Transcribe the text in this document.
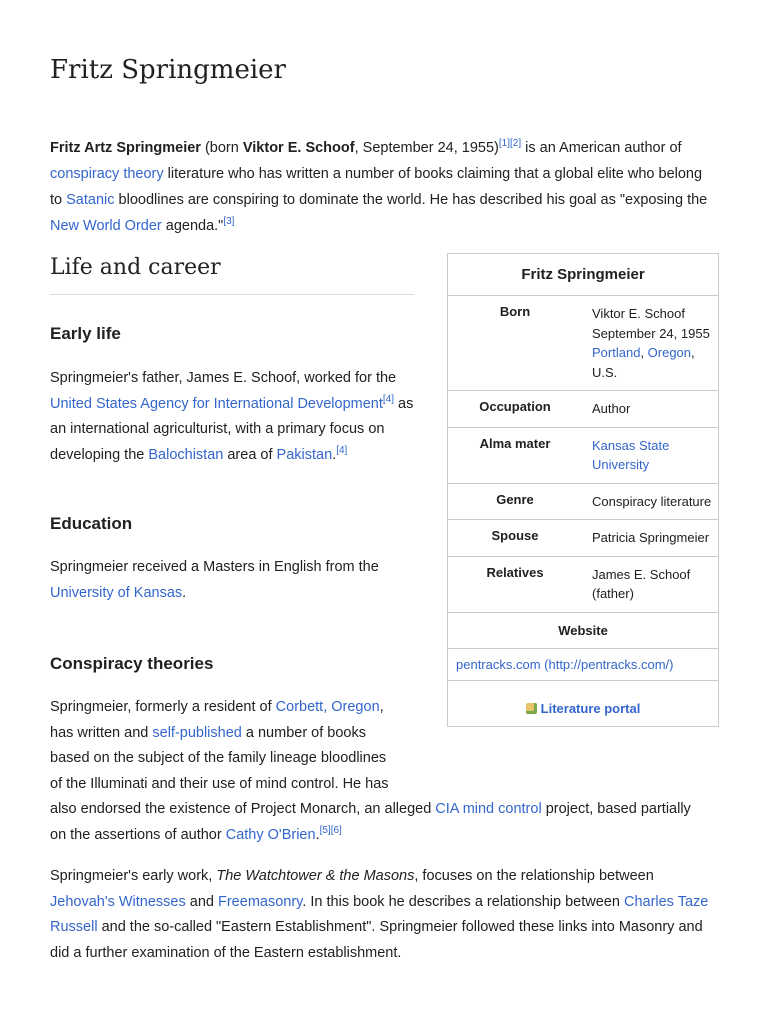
Fritz Springmeier

Fritz Artz Springmeier (born Viktor E. Schoof, September 24, 1955)[1][2] is an American author of conspiracy theory literature who has written a number of books claiming that a global elite who belong to Satanic bloodlines are conspiring to dominate the world. He has described his goal as "exposing the New World Order agenda."[3]

Life and career
Early life

Springmeier's father, James E. Schoof, worked for the United States Agency for International Development[4] as an international agriculturist, with a primary focus on developing the Balochistan area of Pakistan.[4]

Education

Springmeier received a Masters in English from the University of Kansas.

Conspiracy theories

Springmeier, formerly a resident of Corbett, Oregon,

has written and self-published a number of books

based on the subject of the family lineage bloodlines

of the Illuminati and their use of mind control. He has

also endorsed the existence of Project Monarch, an alleged CIA mind control project, based partially

on the assertions of author Cathy O'Brien.[5][6]

Springmeier's early work, The Watchtower & the Masons, focuses on the relationship between Jehovah's Witnesses and Freemasonry. In this book he describes a relationship between Charles Taze Russell and the so-called "Eastern Establishment". Springmeier followed these links into Masonry and did a further examination of the Eastern establishment.

Fritz Springmeier
Born	Viktor E. Schoof
September 24, 1955
Portland, Oregon,
U.S.
Occupation	Author
Alma mater	Kansas State University
Genre	Conspiracy literature
Spouse	Patricia Springmeier
Relatives	James E. Schoof (father)
Website
pentracks.com (http://pentracks.com/)
Literature portal
